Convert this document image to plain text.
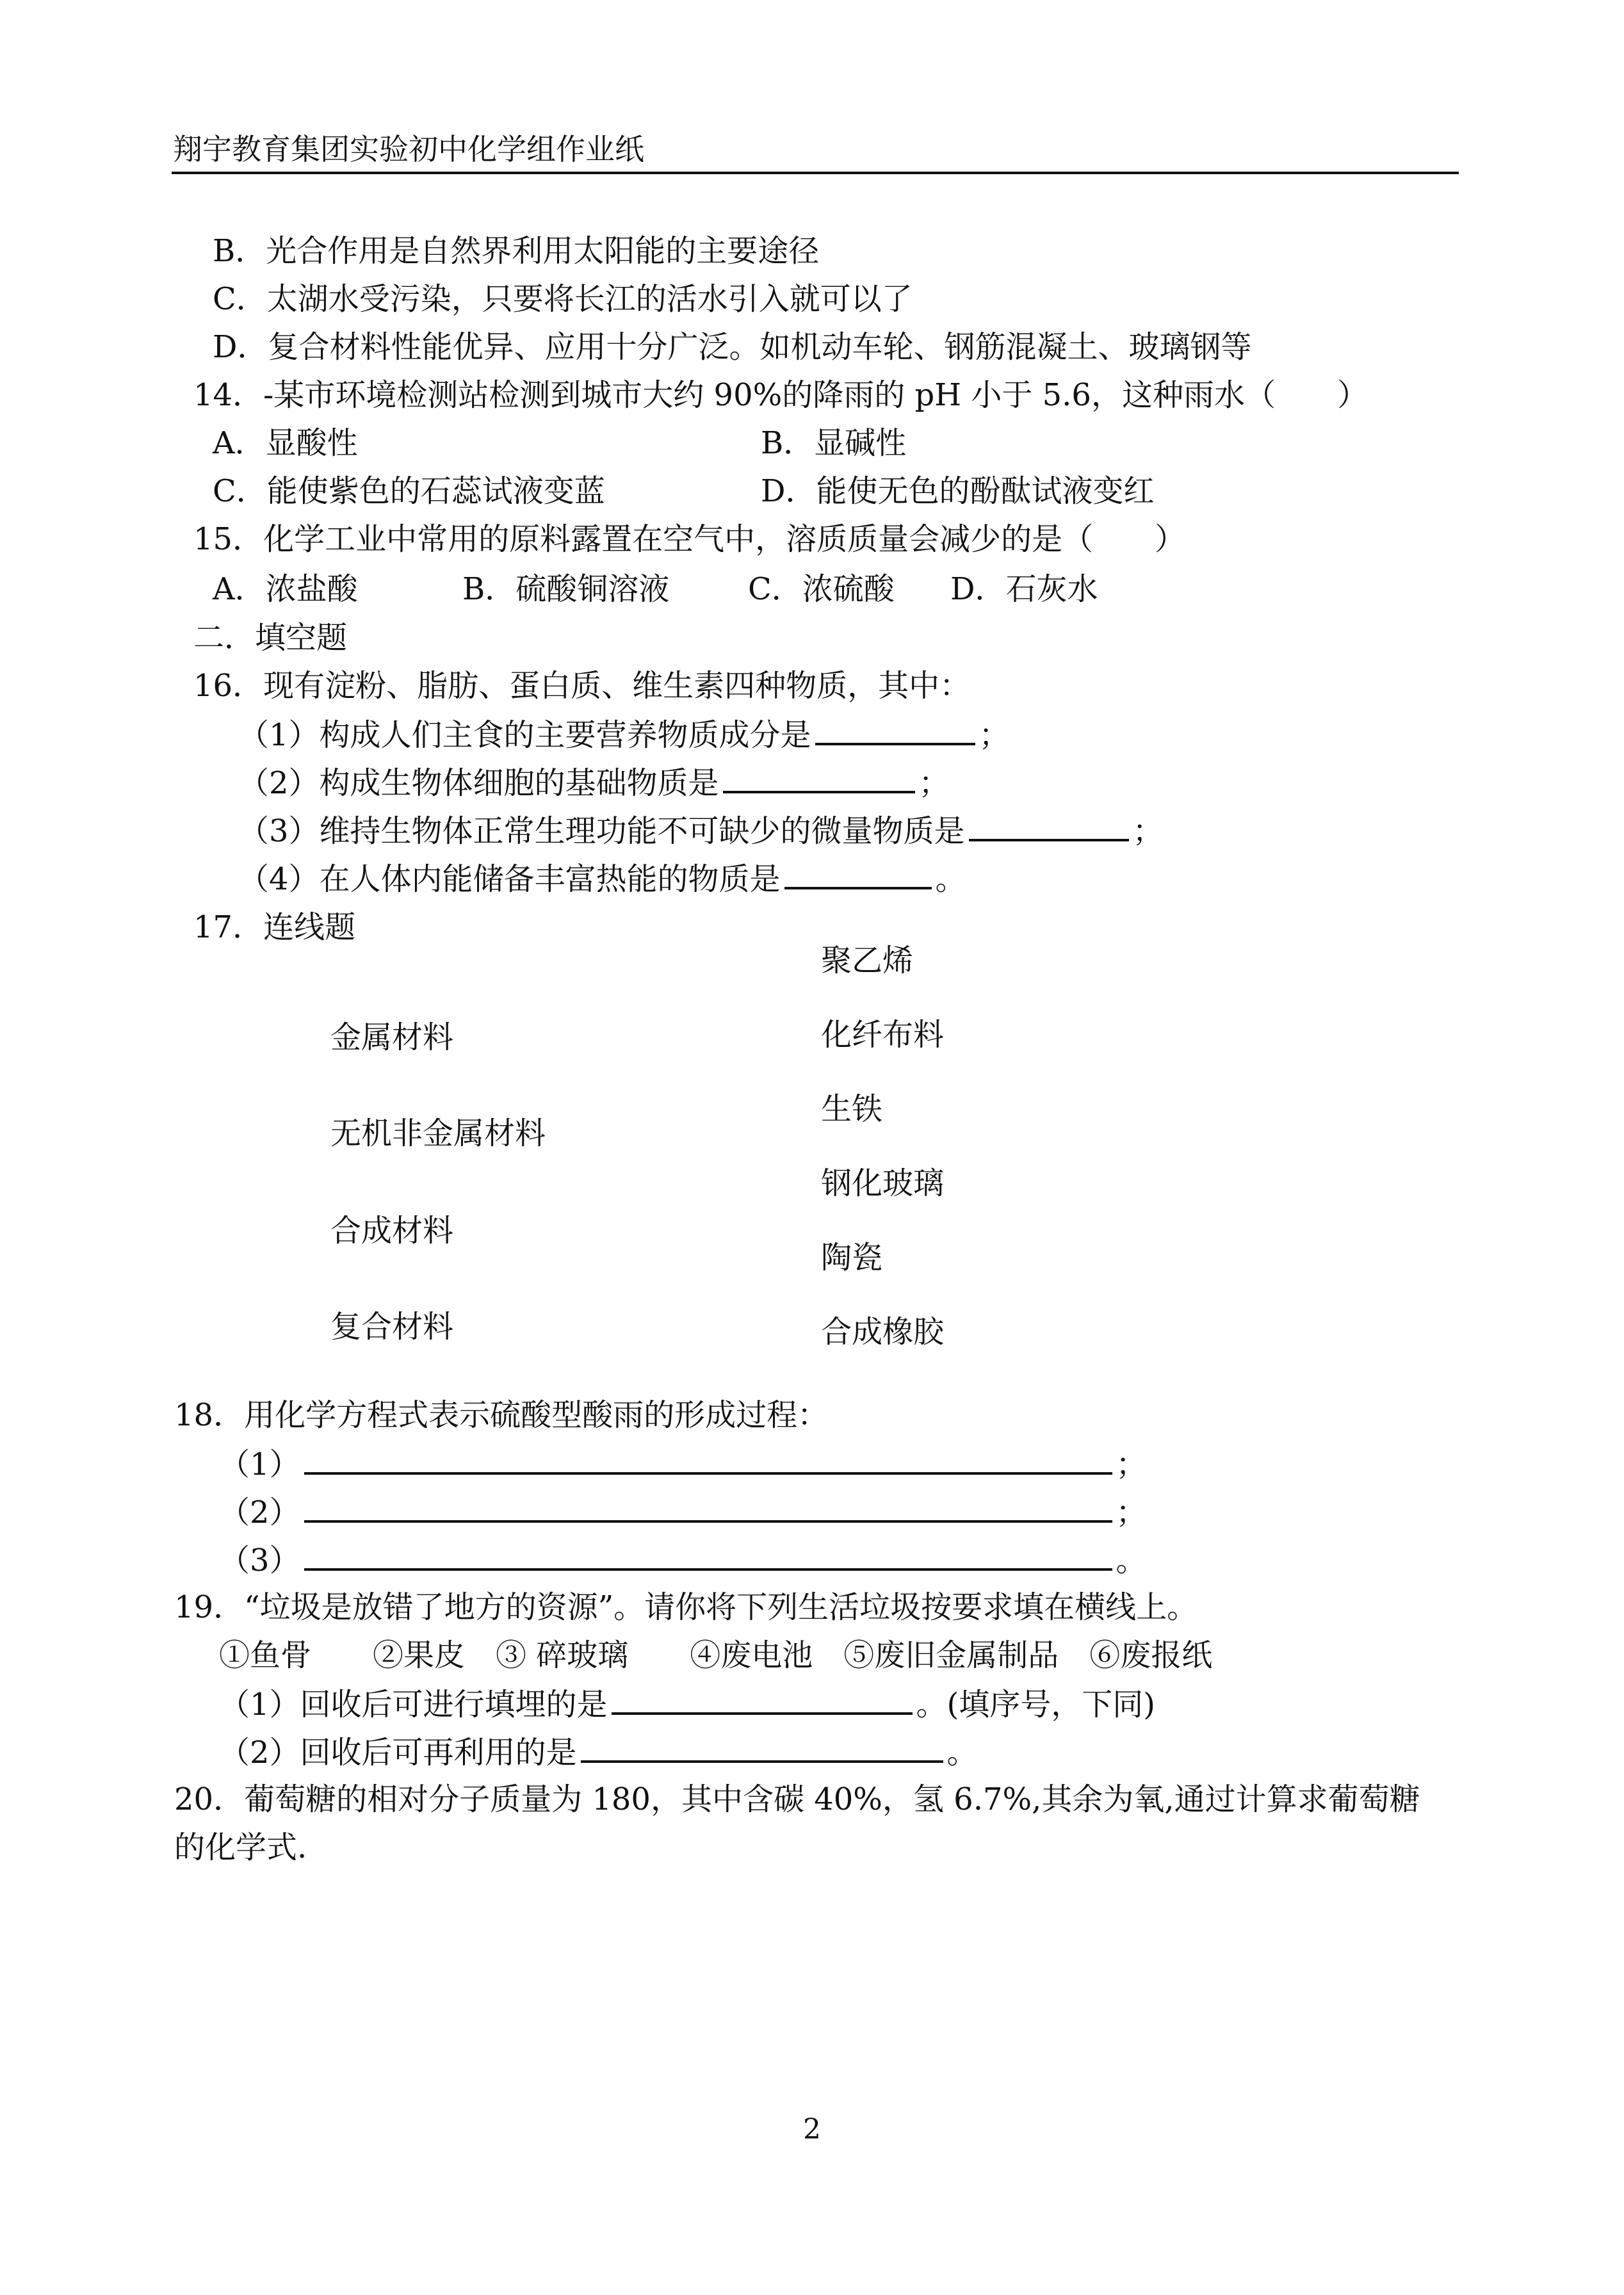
翔宇教育集团实验初中化学组作业纸
B．光合作用是自然界利用太阳能的主要途径
C．太湖水受污染，只要将长江的活水引入就可以了
D．复合材料性能优异、应用十分广泛。如机动车轮、钢筋混凝土、玻璃钢等
14．-某市环境检测站检测到城市大约 90%的降雨的 pH 小于 5.6，这种雨水（　　）
A．显酸性	B．显碱性
C．能使紫色的石蕊试液变蓝	D．能使无色的酚酞试液变红
15．化学工业中常用的原料露置在空气中，溶质质量会减少的是（　　）
A．浓盐酸	B．硫酸铜溶液	C．浓硫酸 D．石灰水
二．填空题
16．现有淀粉、脂肪、蛋白质、维生素四种物质，其中：
（1）构成人们主食的主要营养物质成分是	；
（2）构成生物体细胞的基础物质是	；
（3）维持生物体正常生理功能不可缺少的微量物质是	；
（4）在人体内能储备丰富热能的物质是	。
17．连线题
金属材料
无机非金属材料
合成材料
复合材料
聚乙烯
化纤布料
生铁
钢化玻璃
陶瓷
合成橡胶
18．用化学方程式表示硫酸型酸雨的形成过程：
（1）	；
（2）	；
（3）	。
19．“垃圾是放错了地方的资源”。请你将下列生活垃圾按要求填在横线上。
①鱼骨　　②果皮　③ 碎玻璃　　④废电池　⑤废旧金属制品　⑥废报纸
（1）回收后可进行填埋的是	。(填序号，下同)
（2）回收后可再利用的是	。
20．葡萄糖的相对分子质量为 180，其中含碳 40%，氢 6.7%,其余为氧,通过计算求葡萄糖
的化学式.
2
